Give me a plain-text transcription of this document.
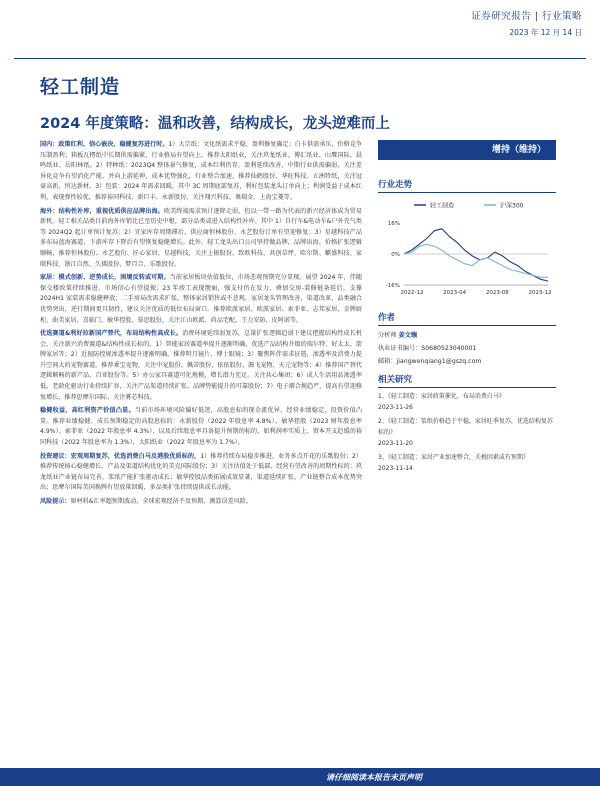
证券研究报告 | 行业策略
2023 年 12 月 14 日
轻工制造
2024 年度策略：温和改善，结构成长，龙头逆难而上
国内：政策红利、信心嵌决，稳健复苏进行时。1）大宗纸：文化纸需求平稳，盈利修复确定；白卡供需承压，价格竞争压制盈利；箱板瓦楞纸中长期供需偏紧，行业格局有望向上。推荐太阳纸业，关注玖龙纸业、博汇纸业、山鹰国际、晨鸣纸业、岳阳林纸。2）特种纸：2023Q4 整体景气修复，成本红利仍存，盈利延续改善，中期行业供需偏弱，关注差异化竞争有望消化产能，并向上游延伸，成本优势强化，行业整合加速，推荐仙鹤股份、华旺科技、五洲特纸，关注冠豪高新、恒达新材。3）包装：2024 年需求回暖，其中 3C 周期底部复苏，利好包装龙头订单向上；利润受益于成本红利，表现弹性较优，推荐裕同科技、新巨丰、永新股份，关注翔兴科技、奥瑞金、上海宝菱等。
海外：结构性补库，重视优质供应品牌出海。欧美终端需求预计逐降走弱，但以一带一路为代表的新兴经济体成为贸易新机。轻工相关品类目前海外库销比已至历史中枢，部分品类或进入结构性补库。其中 1）自行车&电动车&户外充气类等 2024Q2 起订单预计复苏；2）宜家库存周期滞后，供应商恒林股份、永艺股份订单有望迎修复；3）星越科技产品多布局蓝海赛道，下游库存下降后有望恢复稳健增长。此外，轻工龙头出口公司坚持做品牌，品牌出海、价格扩张逻辑顺畅，推荐恒林股份、永艺股份、匠心家居、星越科技，关注上振股份、致欧科技、共创草坪、哈尔斯、麒盛科技、家联科技、浙江自然、久祺股份、梦百合、乐歌股份。
家居：模式创新、逆势成长，困境反转或可期。当前家居板块估值低位，市场悲观预期充分显现。展望 2024 年，伴随保交楼政策持续推进，市场信心有望提振；23 年竣工表现靓丽，强支付仍在发力，叠加交房-装修链条延后，支撑 2024H1 家装需求稳健释放；二手房局改需求扩张，整体家居销售或不悲观。家居龙头管理改善，渠道改革，品类融合优势突出，逆行期间更具韧性，建议关注优质的低位布局窗口。推荐欧派家居、欧派家居、索菲亚、志邦家居、金牌厨柜、曲美家居、喜临门、敏华控股、慕思股份，关注江山欧派、尚品宅配、王力安防、皮阿诺等。
优选赛道&利好拉新国产替代，布局结构性高成长。消费环境延续弱复苏，总量扩张逻辑趋弱下建议把握结构性成长机会，关注新兴消费赛道&结构性成长标的。1）智能家居赛道率提升逐渐明确，优选产品结构升级的瑞尔特、好太太、箭牌家居等；2）近视防控规渗透率提升逐渐明确，推荐明月镜片、博士眼镜；3）聚焦阵伴需求征遣，渗透率及消费力提升空间大的宠物赛道，推荐乖宝宠物，关注中宠股份、佩蒂股份、依依股份、源飞宠物、天元宠物等；4）推荐国产替代逻辑顺畅的新产品、百亚股份等。5）办公家具赛道可化规模，增长潜力充足。关注共心集团；6）成人生活用品渗透率低，老龄化驱动行业持续扩容，关注产品渠道持续扩张、品牌势能提升的可靠股份；7）电子烟合规趋严，提高有望迎修复增长，推荐思摩尔国际、关注雾芯科技。
稳健收益，高红利资产价值凸显。当前市场环境风险偏好低迷，高股息标的现金流优异、经营业绩稳定，投资价值凸显。推荐业绩稳健、成长预期稳定的高股息标的：永新股份（2022 年股息率 4.8%）、敏华控股（2023 财年股息率 4.9%）、索菲亚（2022 年股息率 4.3%），以及后续股息率具备提升预期的标的，如利润率实质上、资本开支趋缓的裕同科技（2022 年股息率为 1.3%），太阳纸业（2022 年股息率为 1.7%）。
投资建议：宏观周期复苏，优选消费白马及港股优质标的，1）推荐持续布局稳步推进、业务多点开花的乐歌股份；2）推荐传统核心稳健增长、产品及渠道结构优化的美克国际股份；3）关注估值处于低部、经营有望改善的周期性标的：玖龙纸业产业链布局完善，浆纸产能扩张驱动成长；敏华控股品类拓展成效显著，渠道延续扩张，产业链整合成本优势突出；思摩尔国际美国换牌有望放量回暖，多品类扩张持续提供成长动能。
风险提示：原材料&汇率超预期波动、全球宏观经济不及预期、测算误差风险。
增持（维持）
行业走势
轻工制造	沪深300
16%
0%
-16%
2022-12	2023-04	2023-08	2023-12
作者
分析师 姜文镪
执业证书编号：S0680523040001
邮箱：jiangwenqiang1@gszq.com
相关研究
1、《轻工制造：家居政策催化，布局消费白马》
2023-11-26
2、《轻工制造：浆纸价格趋于平稳，家居旺季复苏，优选结构复苏标的》
2023-11-20
3、《轻工制造：家居产业加速整合，关税因素或有预期》
2023-11-14
请仔细阅读本报告末页声明
